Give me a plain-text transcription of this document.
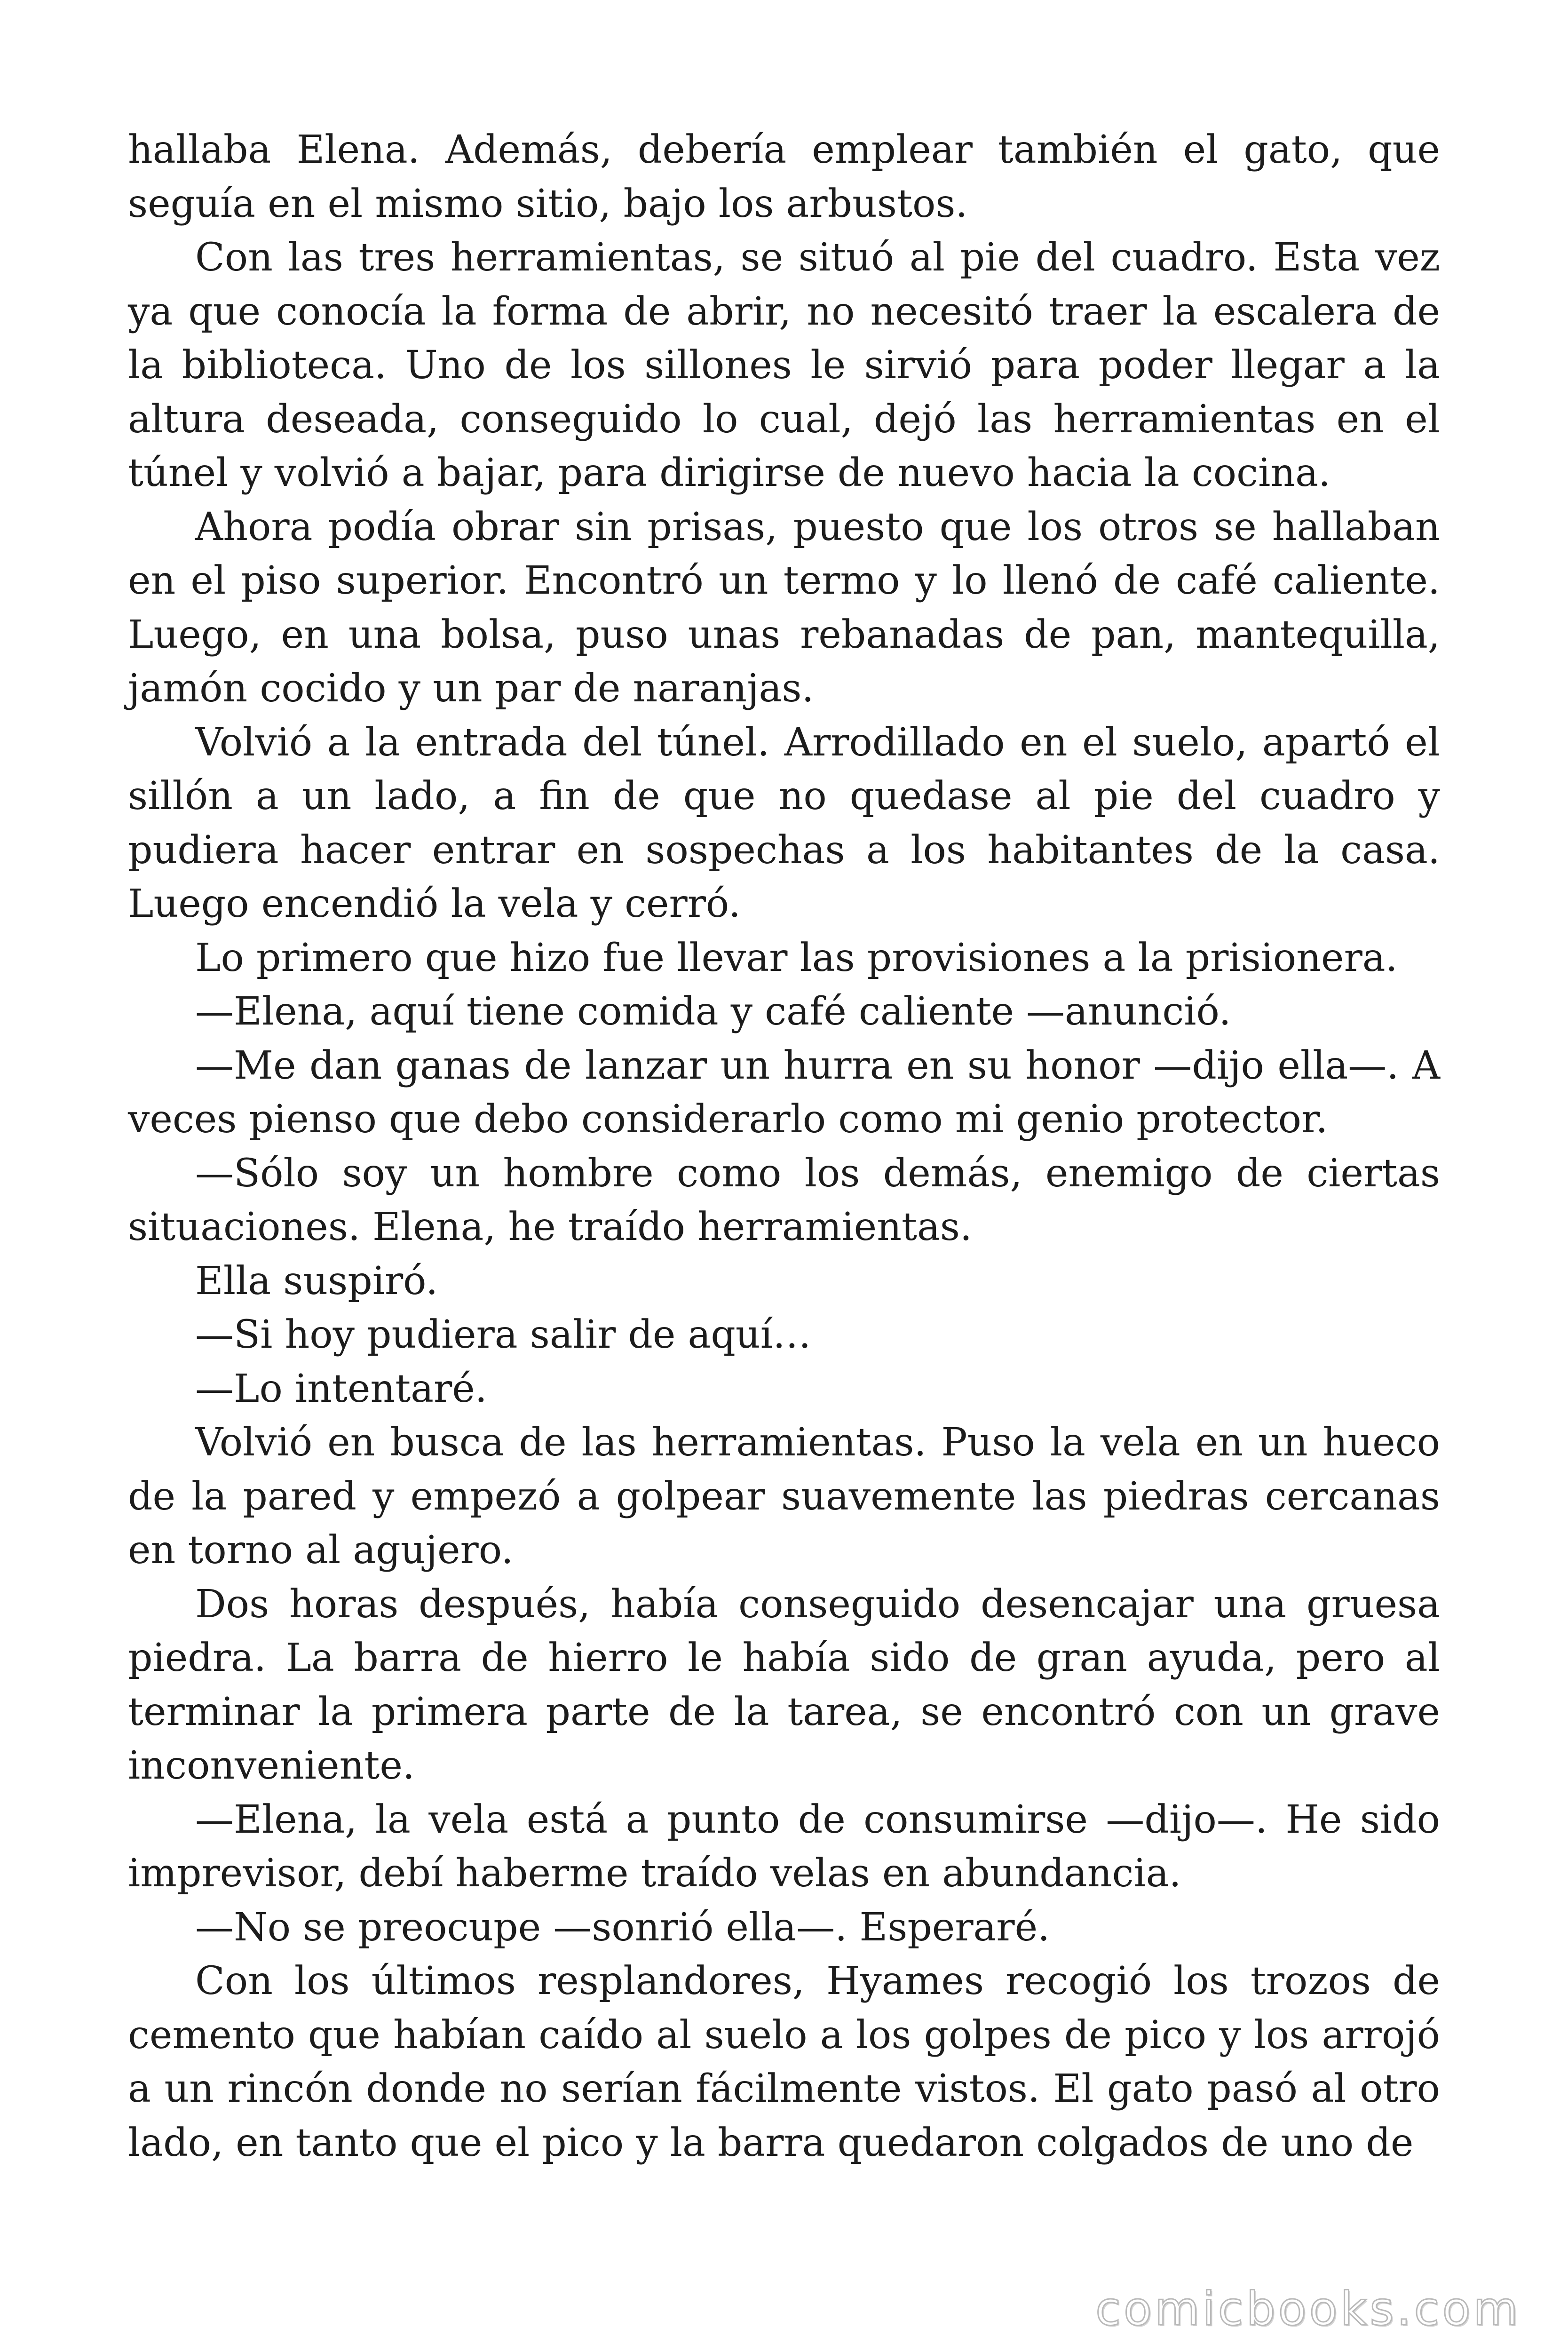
hallaba Elena. Además, debería emplear también el gato, que seguía en el mismo sitio, bajo los arbustos.

Con las tres herramientas, se situó al pie del cuadro. Esta vez ya que conocía la forma de abrir, no necesitó traer la escalera de la biblioteca. Uno de los sillones le sirvió para poder llegar a la altura deseada, conseguido lo cual, dejó las herramientas en el túnel y volvió a bajar, para dirigirse de nuevo hacia la cocina.

Ahora podía obrar sin prisas, puesto que los otros se hallaban en el piso superior. Encontró un termo y lo llenó de café caliente. Luego, en una bolsa, puso unas rebanadas de pan, mantequilla, jamón cocido y un par de naranjas.

Volvió a la entrada del túnel. Arrodillado en el suelo, apartó el sillón a un lado, a fin de que no quedase al pie del cuadro y pudiera hacer entrar en sospechas a los habitantes de la casa. Luego encendió la vela y cerró.

Lo primero que hizo fue llevar las provisiones a la prisionera.

—Elena, aquí tiene comida y café caliente —anunció.

—Me dan ganas de lanzar un hurra en su honor —dijo ella—. A veces pienso que debo considerarlo como mi genio protector.

—Sólo soy un hombre como los demás, enemigo de ciertas situaciones. Elena, he traído herramientas.

Ella suspiró.

—Si hoy pudiera salir de aquí…

—Lo intentaré.

Volvió en busca de las herramientas. Puso la vela en un hueco de la pared y empezó a golpear suavemente las piedras cercanas en torno al agujero.

Dos horas después, había conseguido desencajar una gruesa piedra. La barra de hierro le había sido de gran ayuda, pero al terminar la primera parte de la tarea, se encontró con un grave inconveniente.

—Elena, la vela está a punto de consumirse —dijo—. He sido imprevisor, debí haberme traído velas en abundancia.

—No se preocupe —sonrió ella—. Esperaré.

Con los últimos resplandores, Hyames recogió los trozos de cemento que habían caído al suelo a los golpes de pico y los arrojó a un rincón donde no serían fácilmente vistos. El gato pasó al otro lado, en tanto que el pico y la barra quedaron colgados de uno de

comicbooks.com
